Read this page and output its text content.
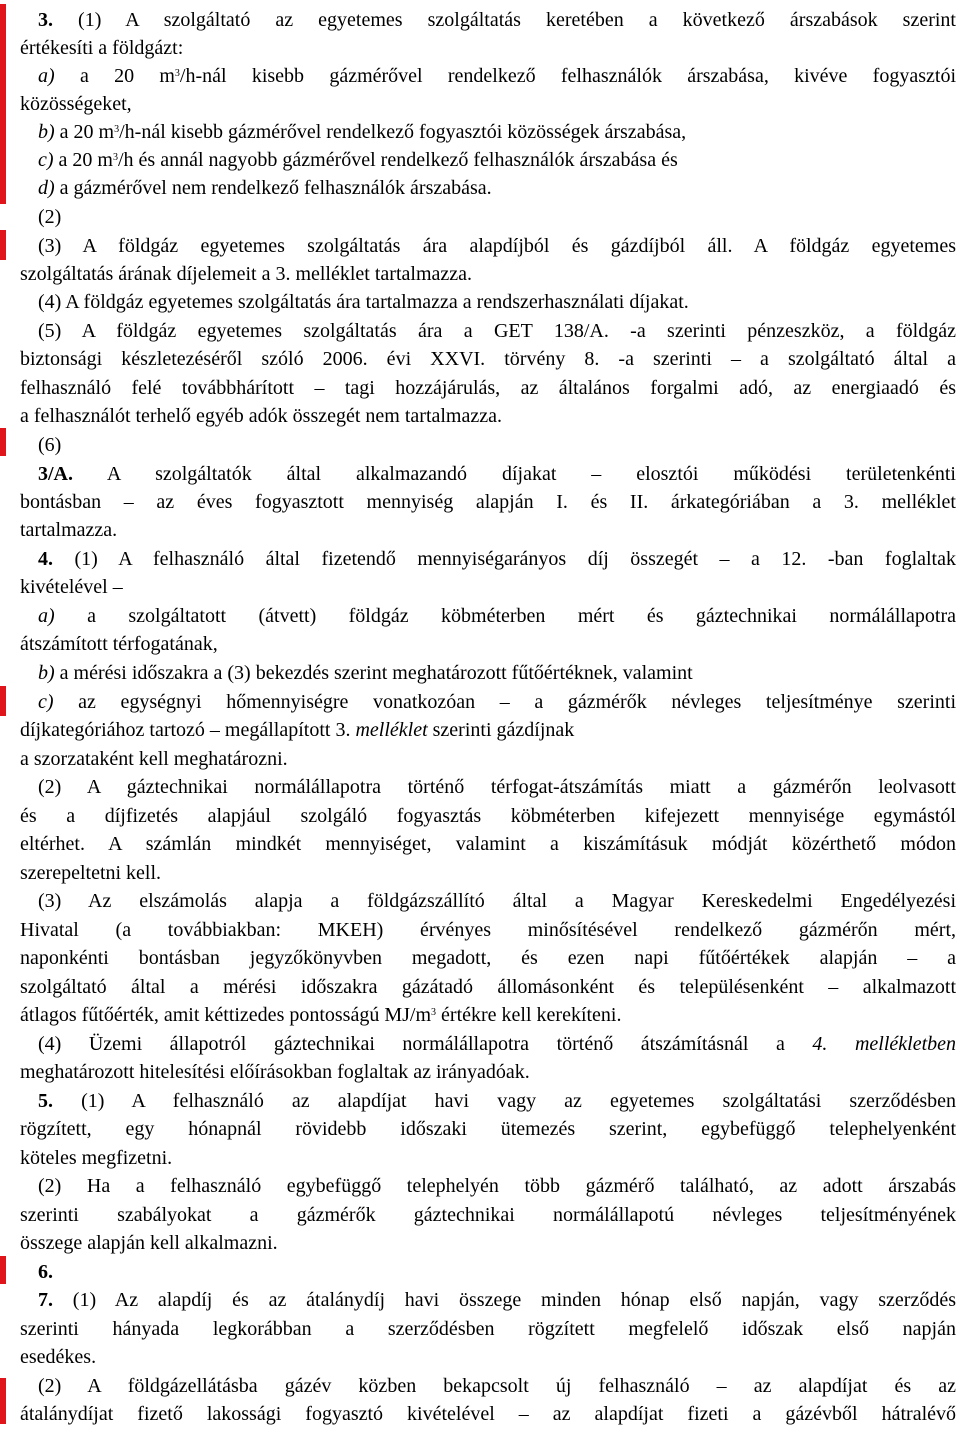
3. (1) A szolgáltató az egyetemes szolgáltatás keretében a következő árszabások szerint
értékesíti a földgázt:
a) a 20 $m^3/h$-nál kisebb gázmérővel rendelkező felhasználók árszabása, kivéve fogyasztói
közösségeket,
b) a 20 $m^3/h$-nál kisebb gázmérővel rendelkező fogyasztói közösségek árszabása,
c) a 20 $m^3/h$ és annál nagyobb gázmérővel rendelkező felhasználók árszabása és
d) a gázmérővel nem rendelkező felhasználók árszabása.
(2)
(3) A földgáz egyetemes szolgáltatás ára alapdíjból és gázdíjból áll. A földgáz egyetemes
szolgáltatás árának díjelemeit a 3. melléklet tartalmazza.
(4) A földgáz egyetemes szolgáltatás ára tartalmazza a rendszerhasználati díjakat.
(5) A földgáz egyetemes szolgáltatás ára a GET 138/A. -a szerinti pénzeszköz, a földgáz
biztonsági készletezéséről szóló 2006. évi XXVI. törvény 8. -a szerinti – a szolgáltató által a
felhasználó felé továbbhárított – tagi hozzájárulás, az általános forgalmi adó, az energiaadó és
a felhasználót terhelő egyéb adók összegét nem tartalmazza.
(6)
3/A. A szolgáltatók által alkalmazandó díjakat – elosztói működési területenkénti
bontásban – az éves fogyasztott mennyiség alapján I. és II. árkategóriában a 3. melléklet
tartalmazza.
4. (1) A felhasználó által fizetendő mennyiségarányos díj összegét – a 12. -ban foglaltak
kivételével –
a) a szolgáltatott (átvett) földgáz köbméterben mért és gáztechnikai normálállapotra
átszámított térfogatának,
b) a mérési időszakra a (3) bekezdés szerint meghatározott fűtőértéknek, valamint
c) az egységnyi hőmennyiségre vonatkozóan – a gázmérők névleges teljesítménye szerinti
díjkategóriához tartozó – megállapított 3. melléklet szerinti gázdíjnak
a szorzataként kell meghatározni.
(2) A gáztechnikai normálállapotra történő térfogat-átszámítás miatt a gázmérőn leolvasott
és a díjfizetés alapjául szolgáló fogyasztás köbméterben kifejezett mennyisége egymástól
eltérhet. A számlán mindkét mennyiséget, valamint a kiszámításuk módját közérthető módon
szerepeltetni kell.
(3) Az elszámolás alapja a földgázszállító által a Magyar Kereskedelmi Engedélyezési
Hivatal (a továbbiakban: MKEH) érvényes minősítésével rendelkező gázmérőn mért,
naponkénti bontásban jegyzőkönyvben megadott, és ezen napi fűtőértékek alapján – a
szolgáltató által a mérési időszakra gázátadó állomásonként és településenként – alkalmazott
átlagos fűtőérték, amit kéttizedes pontosságú $MJ/m^3$ értékre kell kerekíteni.
(4) Üzemi állapotról gáztechnikai normálállapotra történő átszámításnál a 4. mellékletben
meghatározott hitelesítési előírásokban foglaltak az irányadóak.
5. (1) A felhasználó az alapdíjat havi vagy az egyetemes szolgáltatási szerződésben
rögzített, egy hónapnál rövidebb időszaki ütemezés szerint, egybefüggő telephelyenként
köteles megfizetni.
(2) Ha a felhasználó egybefüggő telephelyén több gázmérő található, az adott árszabás
szerinti szabályokat a gázmérők gáztechnikai normálállapotú névleges teljesítményének
összege alapján kell alkalmazni.
6.
7. (1) Az alapdíj és az átalánydíj havi összege minden hónap első napján, vagy szerződés
szerinti hányada legkorábban a szerződésben rögzített megfelelő időszak első napján
esedékes.
(2) A földgázellátásba gázév közben bekapcsolt új felhasználó – az alapdíjat és az
átalánydíjat fizető lakossági fogyasztó kivételével – az alapdíjat fizeti a gázévből hátralévő
